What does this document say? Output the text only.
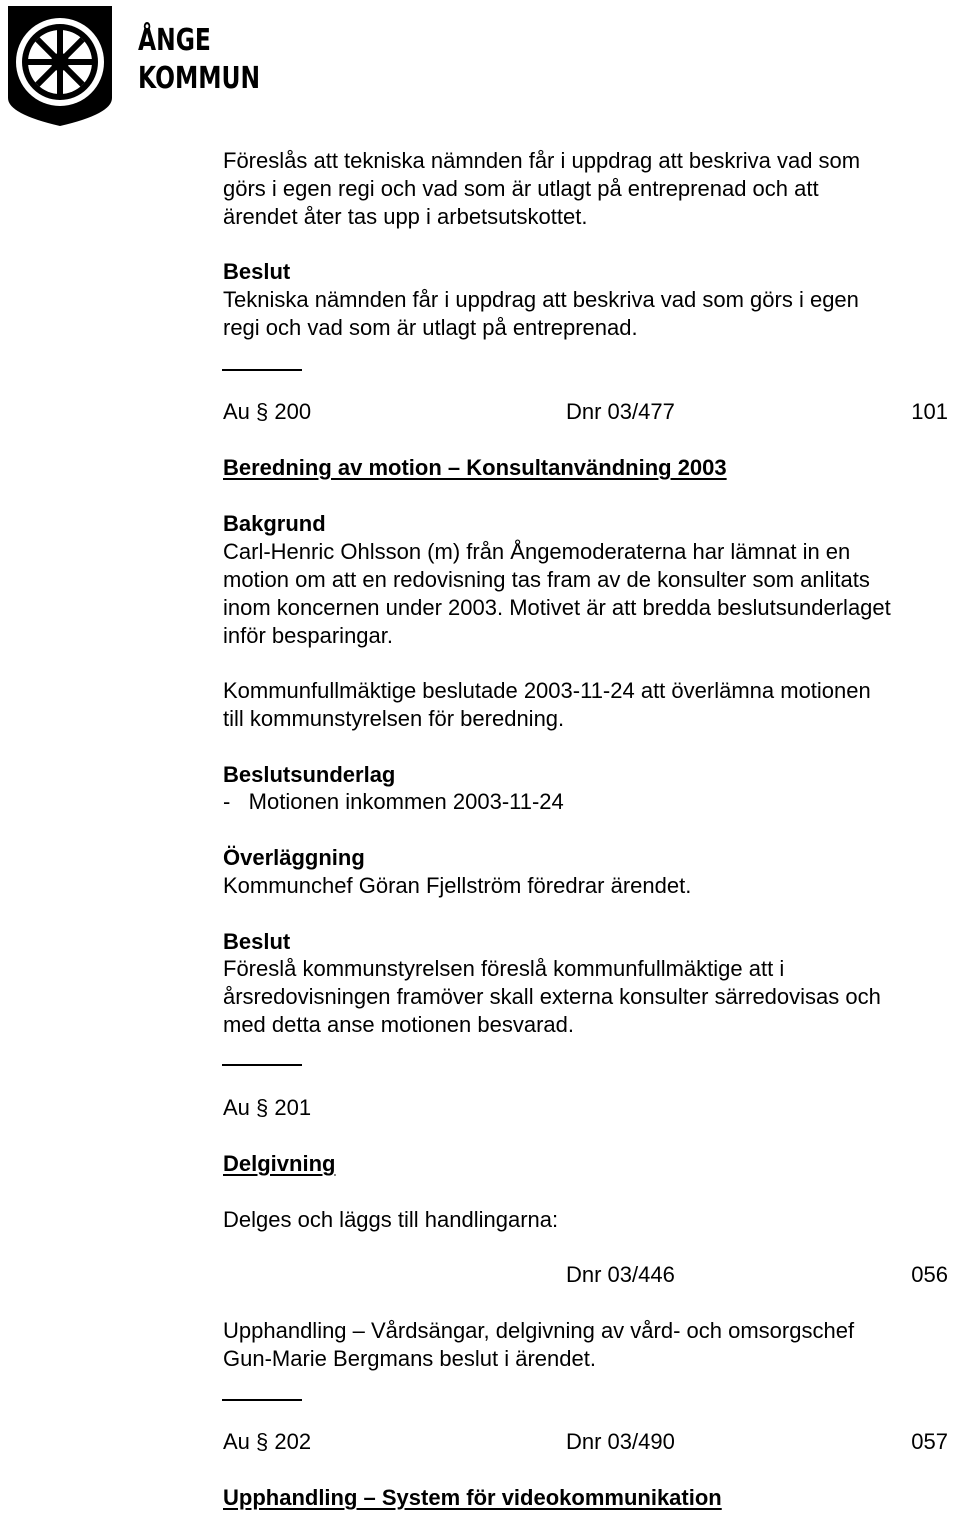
ÅNGE
KOMMUN
Föreslås att tekniska nämnden får i uppdrag att beskriva vad som
görs i egen regi och vad som är utlagt på entreprenad och att
ärendet åter tas upp i arbetsutskottet.
Beslut
Tekniska nämnden får i uppdrag att beskriva vad som görs i egen
regi och vad som är utlagt på entreprenad.
Au § 200	Dnr 03/477	101
Beredning av motion – Konsultanvändning 2003
Bakgrund
Carl-Henric Ohlsson (m) från Ångemoderaterna har lämnat in en
motion om att en redovisning tas fram av de konsulter som anlitats
inom koncernen under 2003. Motivet är att bredda beslutsunderlaget
inför besparingar.
Kommunfullmäktige beslutade 2003-11-24 att överlämna motionen
till kommunstyrelsen för beredning.
Beslutsunderlag
-   Motionen inkommen 2003-11-24
Överläggning
Kommunchef Göran Fjellström föredrar ärendet.
Beslut
Föreslå kommunstyrelsen föreslå kommunfullmäktige att i
årsredovisningen framöver skall externa konsulter särredovisas och
med detta anse motionen besvarad.
Au § 201
Delgivning
Delges och läggs till handlingarna:
Dnr 03/446	056
Upphandling – Vårdsängar, delgivning av vård- och omsorgschef
Gun-Marie Bergmans beslut i ärendet.
Au § 202	Dnr 03/490	057
Upphandling – System för videokommunikation
